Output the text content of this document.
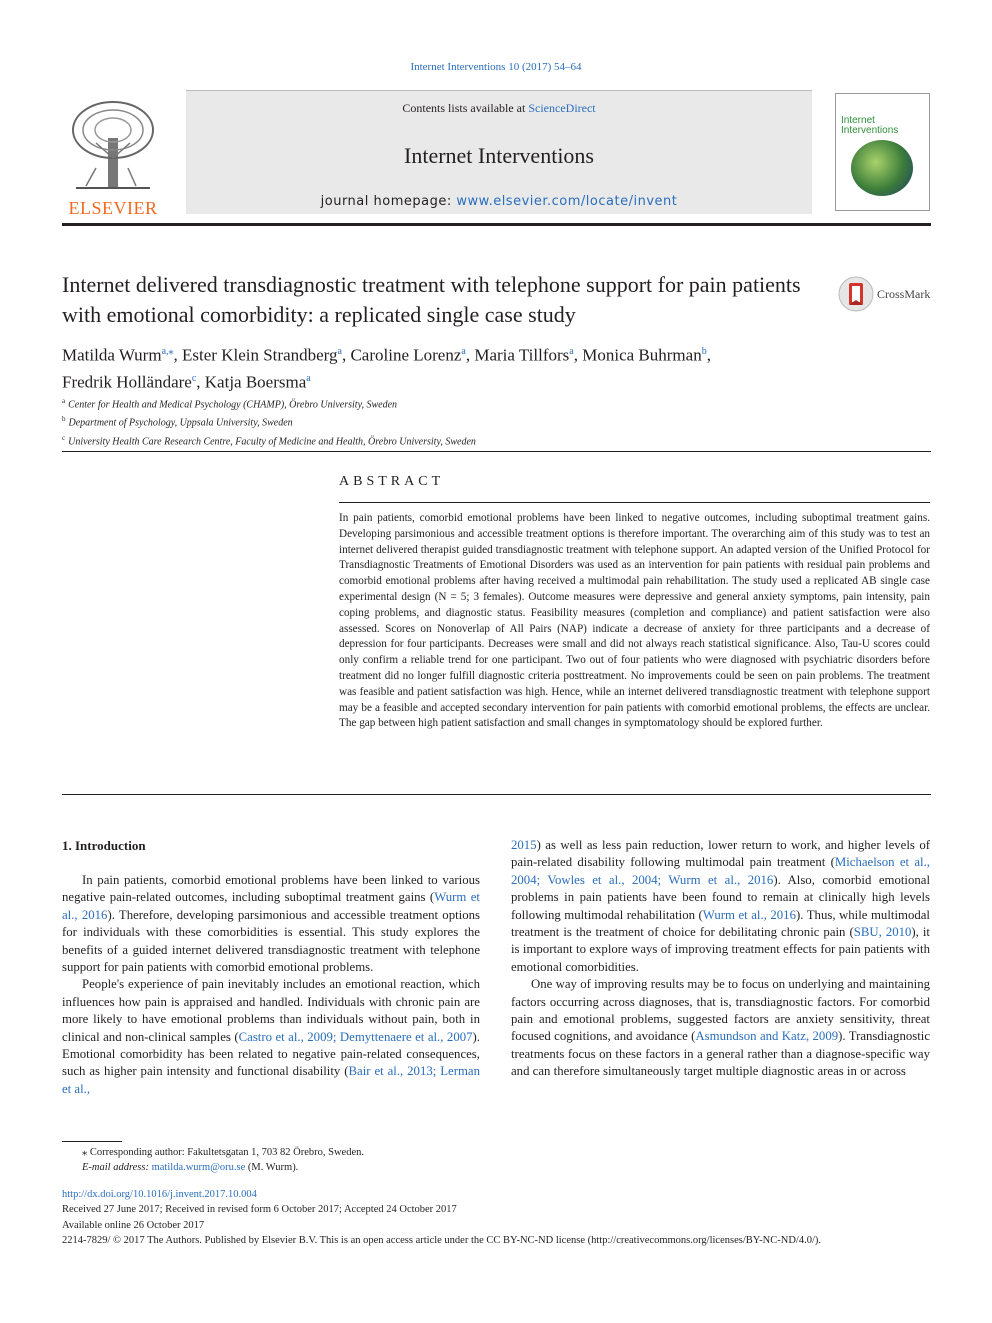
Internet Interventions 10 (2017) 54–64
ELSEVIER
Contents lists available at ScienceDirect
Internet Interventions
journal homepage: www.elsevier.com/locate/invent
Internet
Interventions
Internet delivered transdiagnostic treatment with telephone support for pain patients with emotional comorbidity: a replicated single case study
CrossMark
Matilda Wurm$^{a,⁎}$, Ester Klein Strandberg$^a$, Caroline Lorenz$^a$, Maria Tillfors$^a$, Monica Buhrman$^b$,
Fredrik Holländare$^c$, Katja Boersma$^a$
$^a$ Center for Health and Medical Psychology (CHAMP), Örebro University, Sweden
$^b$ Department of Psychology, Uppsala University, Sweden
$^c$ University Health Care Research Centre, Faculty of Medicine and Health, Örebro University, Sweden
ABSTRACT
In pain patients, comorbid emotional problems have been linked to negative outcomes, including suboptimal treatment gains. Developing parsimonious and accessible treatment options is therefore important. The overarching aim of this study was to test an internet delivered therapist guided transdiagnostic treatment with telephone support. An adapted version of the Unified Protocol for Transdiagnostic Treatments of Emotional Disorders was used as an intervention for pain patients with residual pain problems and comorbid emotional problems after having received a multimodal pain rehabilitation. The study used a replicated AB single case experimental design (N = 5; 3 females). Outcome measures were depressive and general anxiety symptoms, pain intensity, pain coping problems, and diagnostic status. Feasibility measures (completion and compliance) and patient satisfaction were also assessed. Scores on Nonoverlap of All Pairs (NAP) indicate a decrease of anxiety for three participants and a decrease of depression for four participants. Decreases were small and did not always reach statistical significance. Also, Tau-U scores could only confirm a reliable trend for one participant. Two out of four patients who were diagnosed with psychiatric disorders before treatment did no longer fulfill diagnostic criteria posttreatment. No improvements could be seen on pain problems. The treatment was feasible and patient satisfaction was high. Hence, while an internet delivered transdiagnostic treatment with telephone support may be a feasible and accepted secondary intervention for pain patients with comorbid emotional problems, the effects are unclear. The gap between high patient satisfaction and small changes in symptomatology should be explored further.
1. Introduction

In pain patients, comorbid emotional problems have been linked to various negative pain-related outcomes, including suboptimal treatment gains (Wurm et al., 2016). Therefore, developing parsimonious and accessible treatment options for individuals with these comorbidities is essential. This study explores the benefits of a guided internet delivered transdiagnostic treatment with telephone support for pain patients with comorbid emotional problems.

People's experience of pain inevitably includes an emotional reaction, which influences how pain is appraised and handled. Individuals with chronic pain are more likely to have emotional problems than individuals without pain, both in clinical and non-clinical samples (Castro et al., 2009; Demyttenaere et al., 2007). Emotional comorbidity has been related to negative pain-related consequences, such as higher pain intensity and functional disability (Bair et al., 2013; Lerman et al.,

2015) as well as less pain reduction, lower return to work, and higher levels of pain-related disability following multimodal pain treatment (Michaelson et al., 2004; Vowles et al., 2004; Wurm et al., 2016). Also, comorbid emotional problems in pain patients have been found to remain at clinically high levels following multimodal rehabilitation (Wurm et al., 2016). Thus, while multimodal treatment is the treatment of choice for debilitating chronic pain (SBU, 2010), it is important to explore ways of improving treatment effects for pain patients with emotional comorbidities.

One way of improving results may be to focus on underlying and maintaining factors occurring across diagnoses, that is, transdiagnostic factors. For comorbid pain and emotional problems, suggested factors are anxiety sensitivity, threat focused cognitions, and avoidance (Asmundson and Katz, 2009). Transdiagnostic treatments focus on these factors in a general rather than a diagnose-specific way and can therefore simultaneously target multiple diagnostic areas in or across

⁎ Corresponding author: Fakultetsgatan 1, 703 82 Örebro, Sweden.
E-mail address: matilda.wurm@oru.se (M. Wurm).
http://dx.doi.org/10.1016/j.invent.2017.10.004
Received 27 June 2017; Received in revised form 6 October 2017; Accepted 24 October 2017
Available online 26 October 2017
2214-7829/ © 2017 The Authors. Published by Elsevier B.V. This is an open access article under the CC BY-NC-ND license (http://creativecommons.org/licenses/BY-NC-ND/4.0/).
